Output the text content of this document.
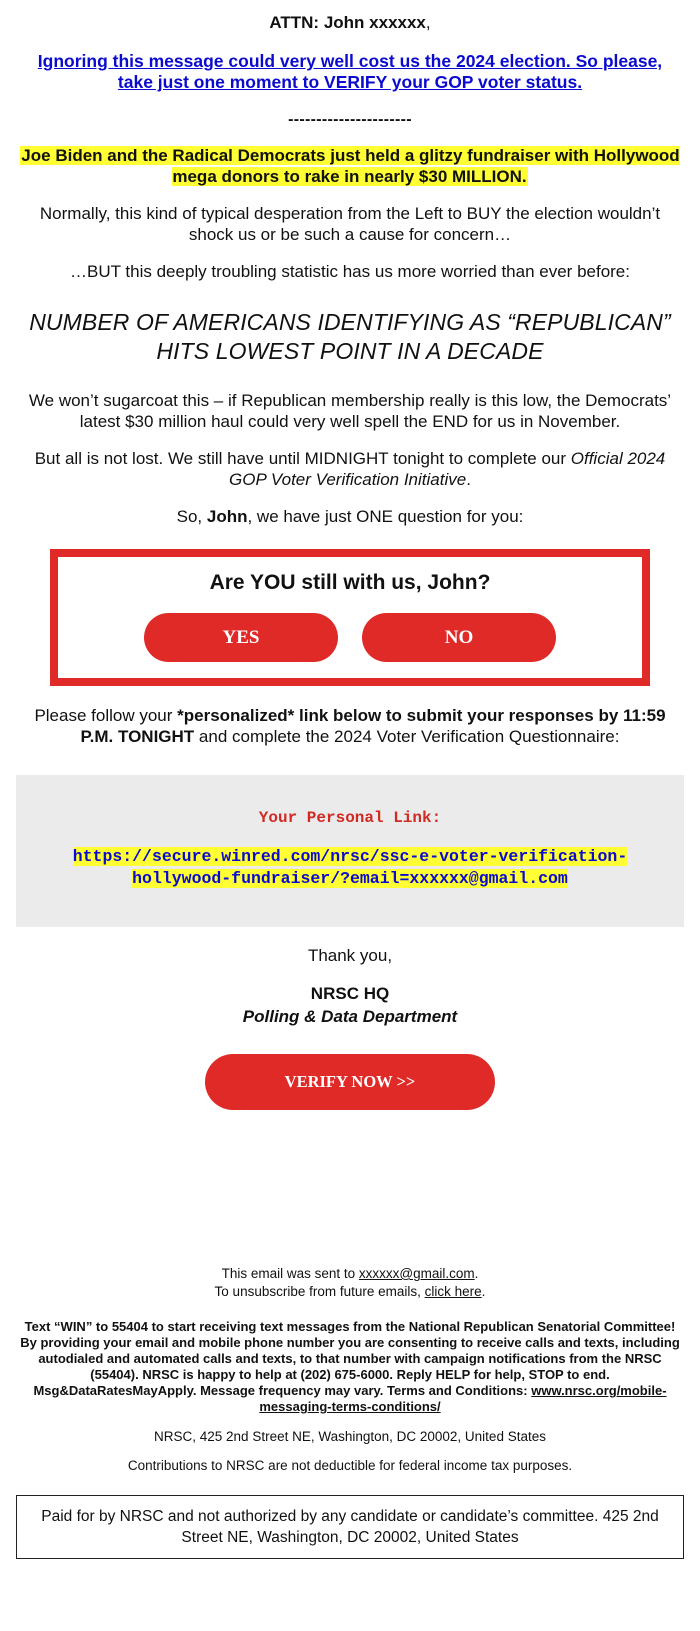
ATTN: John xxxxxx,
Ignoring this message could very well cost us the 2024 election. So please, take just one moment to VERIFY your GOP voter status.
----------------------
Joe Biden and the Radical Democrats just held a glitzy fundraiser with Hollywood mega donors to rake in nearly $30 MILLION.
Normally, this kind of typical desperation from the Left to BUY the election wouldn’t shock us or be such a cause for concern…
…BUT this deeply troubling statistic has us more worried than ever before:
NUMBER OF AMERICANS IDENTIFYING AS “REPUBLICAN” HITS LOWEST POINT IN A DECADE
We won’t sugarcoat this – if Republican membership really is this low, the Democrats’ latest $30 million haul could very well spell the END for us in November.
But all is not lost. We still have until MIDNIGHT tonight to complete our Official 2024 GOP Voter Verification Initiative.
So, John, we have just ONE question for you:
Are YOU still with us, John?
YES	NO
Please follow your *personalized* link below to submit your responses by 11:59 P.M. TONIGHT and complete the 2024 Voter Verification Questionnaire:
Your Personal Link:
https://secure.winred.com/nrsc/ssc-e-voter-verification-hollywood-fundraiser/?email=xxxxxx@gmail.com
Thank you,
NRSC HQ
Polling & Data Department
VERIFY NOW >>
This email was sent to xxxxxx@gmail.com.
To unsubscribe from future emails, click here.
Text “WIN” to 55404 to start receiving text messages from the National Republican Senatorial Committee! By providing your email and mobile phone number you are consenting to receive calls and texts, including autodialed and automated calls and texts, to that number with campaign notifications from the NRSC (55404). NRSC is happy to help at (202) 675-6000. Reply HELP for help, STOP to end. Msg&DataRatesMayApply. Message frequency may vary. Terms and Conditions: www.nrsc.org/mobile-messaging-terms-conditions/
NRSC, 425 2nd Street NE, Washington, DC 20002, United States
Contributions to NRSC are not deductible for federal income tax purposes.
Paid for by NRSC and not authorized by any candidate or candidate’s committee. 425 2nd Street NE, Washington, DC 20002, United States
